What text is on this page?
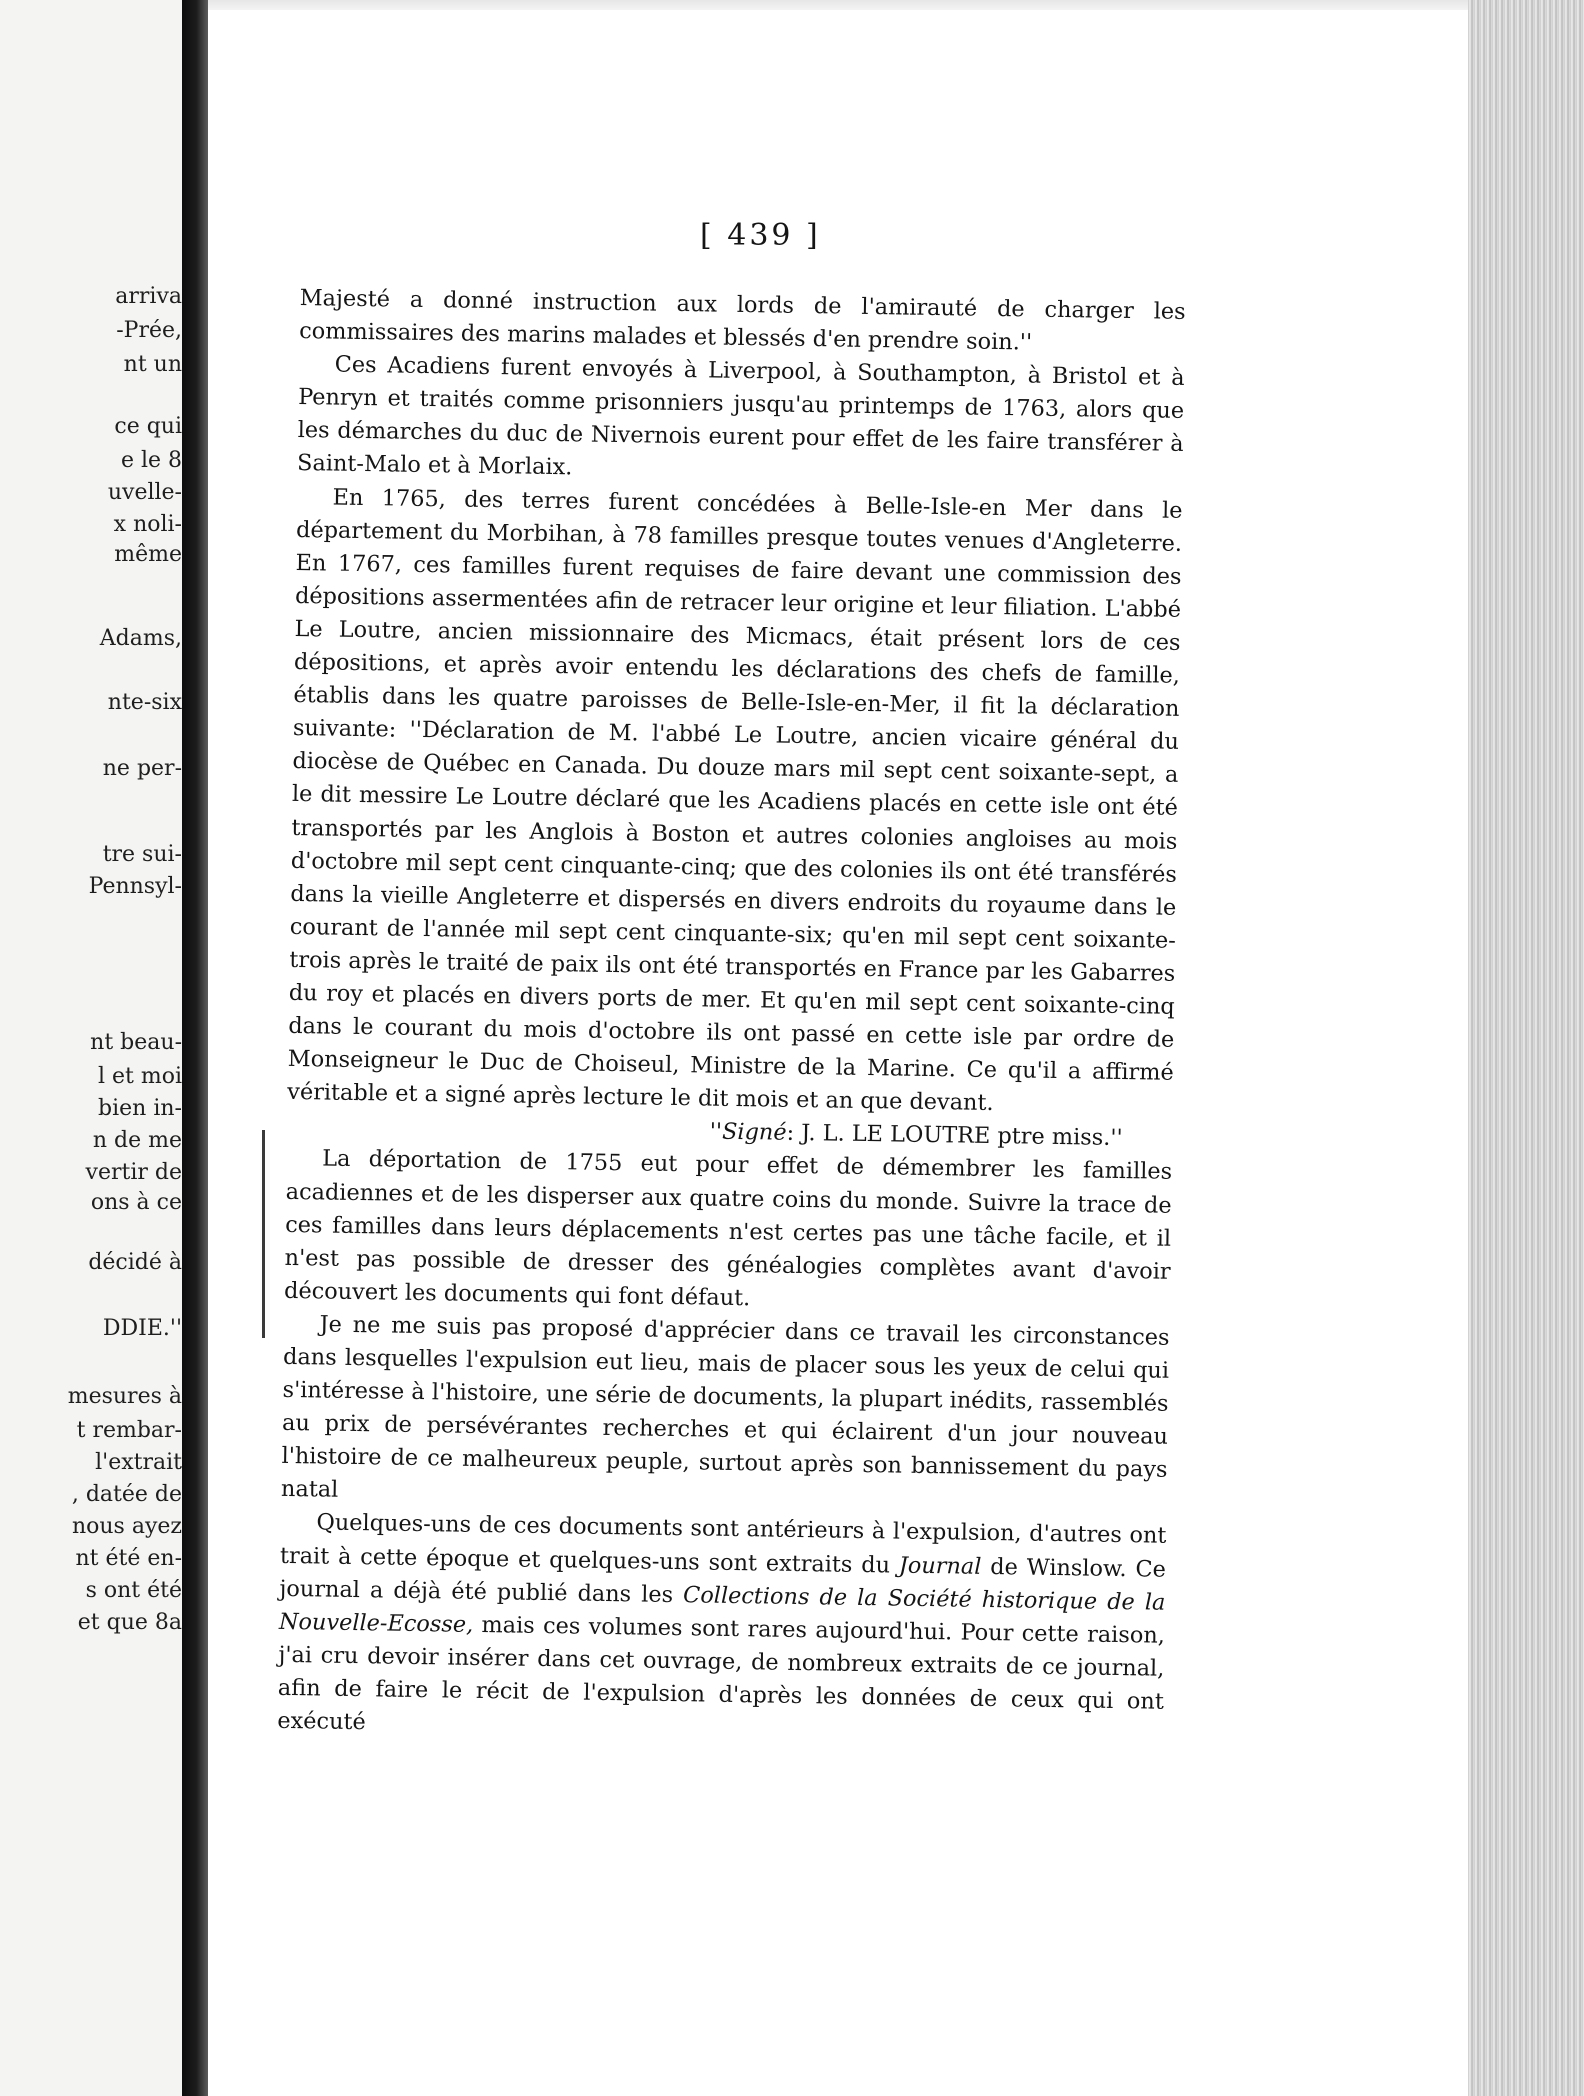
arriva
-Prée,
nt un
ce qui
e le 8
uvelle-
x noli-
même
Adams,
nte-six
ne per-
tre sui-
Pennsyl-
nt beau-
l et moi
bien in-
n de me
vertir de
ons à ce
décidé à
DDIE.''
mesures à
t rembar-
l'extrait
, datée de
nous ayez
nt été en-
s ont été
et que 8a
[ 439 ]

Majesté a donné instruction aux lords de l'amirauté de charger les commissaires des marins malades et blessés d'en prendre soin.''

Ces Acadiens furent envoyés à Liverpool, à Southampton, à Bristol et à Penryn et traités comme prisonniers jusqu'au printemps de 1763, alors que les démarches du duc de Nivernois eurent pour effet de les faire transférer à Saint-Malo et à Morlaix.

En 1765, des terres furent concédées à Belle-Isle-en Mer dans le département du Morbihan, à 78 familles presque toutes venues d'Angleterre. En 1767, ces familles furent requises de faire devant une commission des dépositions assermentées afin de retracer leur origine et leur filiation. L'abbé Le Loutre, ancien missionnaire des Micmacs, était présent lors de ces dépositions, et après avoir entendu les déclarations des chefs de famille, établis dans les quatre paroisses de Belle-Isle-en-Mer, il fit la déclaration suivante: ''Déclaration de M. l'abbé Le Loutre, ancien vicaire général du diocèse de Québec en Canada. Du douze mars mil sept cent soixante-sept, a le dit messire Le Loutre déclaré que les Acadiens placés en cette isle ont été transportés par les Anglois à Boston et autres colonies angloises au mois d'octobre mil sept cent cinquante-cinq; que des colonies ils ont été transférés dans la vieille Angleterre et dispersés en divers endroits du royaume dans le courant de l'année mil sept cent cinquante-six; qu'en mil sept cent soixante-trois après le traité de paix ils ont été transportés en France par les Gabarres du roy et placés en divers ports de mer. Et qu'en mil sept cent soixante-cinq dans le courant du mois d'octobre ils ont passé en cette isle par ordre de Monseigneur le Duc de Choiseul, Ministre de la Marine. Ce qu'il a affirmé véritable et a signé après lecture le dit mois et an que devant.

''Signé: J. L. LE LOUTRE ptre miss.''

La déportation de 1755 eut pour effet de démembrer les familles acadiennes et de les disperser aux quatre coins du monde. Suivre la trace de ces familles dans leurs déplacements n'est certes pas une tâche facile, et il n'est pas possible de dresser des généalogies complètes avant d'avoir découvert les documents qui font défaut.

Je ne me suis pas proposé d'apprécier dans ce travail les circonstances dans lesquelles l'expulsion eut lieu, mais de placer sous les yeux de celui qui s'intéresse à l'histoire, une série de documents, la plupart inédits, rassemblés au prix de persévérantes recherches et qui éclairent d'un jour nouveau l'histoire de ce malheureux peuple, surtout après son bannissement du pays natal

Quelques-uns de ces documents sont antérieurs à l'expulsion, d'autres ont trait à cette époque et quelques-uns sont extraits du Journal de Winslow. Ce journal a déjà été publié dans les Collections de la Société historique de la Nouvelle-Ecosse, mais ces volumes sont rares aujourd'hui. Pour cette raison, j'ai cru devoir insérer dans cet ouvrage, de nombreux extraits de ce journal, afin de faire le récit de l'expulsion d'après les données de ceux qui ont exécuté
